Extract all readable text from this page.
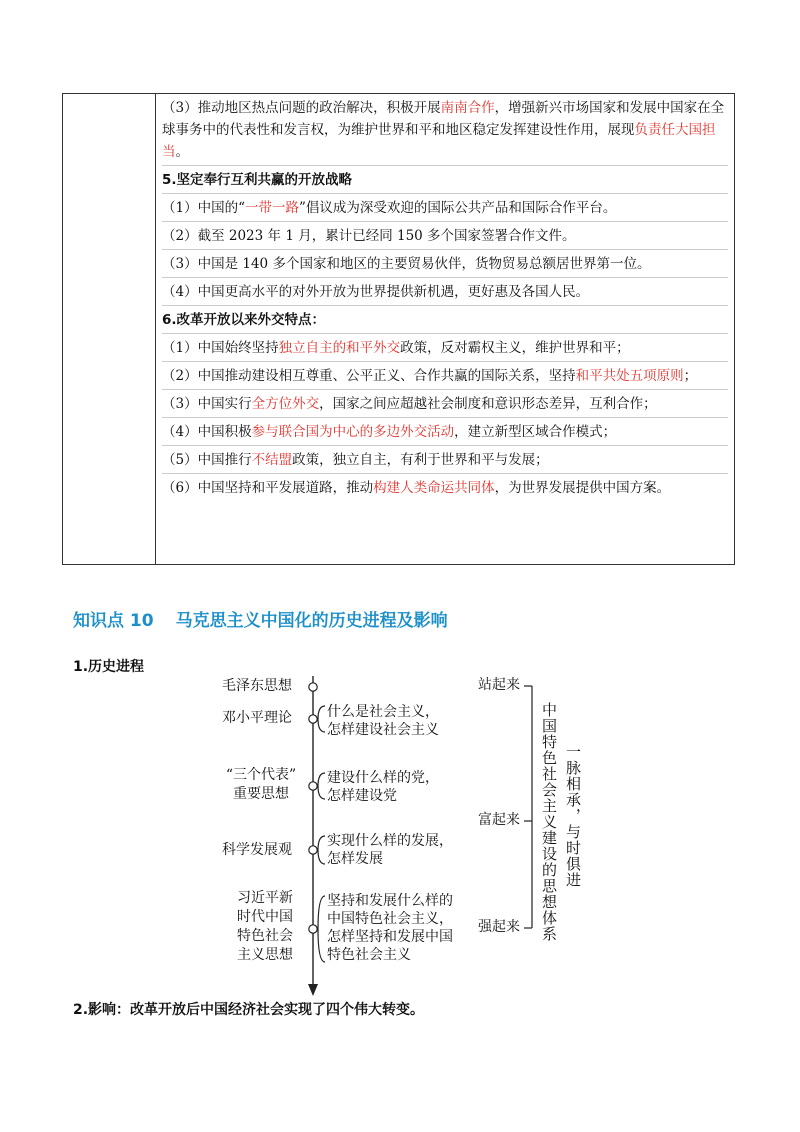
（3）推动地区热点问题的政治解决，积极开展南南合作，增强新兴市场国家和发展中国家在全球事务中的代表性和发言权，为维护世界和平和地区稳定发挥建设性作用，展现负责任大国担当。

5.坚定奉行互利共赢的开放战略

（1）中国的“一带一路”倡议成为深受欢迎的国际公共产品和国际合作平台。

（2）截至 2023 年 1 月，累计已经同 150 多个国家签署合作文件。

（3）中国是 140 多个国家和地区的主要贸易伙伴，货物贸易总额居世界第一位。

（4）中国更高水平的对外开放为世界提供新机遇，更好惠及各国人民。

6.改革开放以来外交特点：

（1）中国始终坚持独立自主的和平外交政策，反对霸权主义，维护世界和平；

（2）中国推动建设相互尊重、公平正义、合作共赢的国际关系，坚持和平共处五项原则；

（3）中国实行全方位外交，国家之间应超越社会制度和意识形态差异，互利合作；

（4）中国积极参与联合国为中心的多边外交活动，建立新型区域合作模式；

（5）中国推行不结盟政策，独立自主，有利于世界和平与发展；

（6）中国坚持和平发展道路，推动构建人类命运共同体，为世界发展提供中国方案。

知识点 10 马克思主义中国化的历史进程及影响
1.历史进程
毛泽东思想
邓小平理论
“三个代表”
重要思想
科学发展观
习近平新
时代中国
特色社会
主义思想
什么是社会主义，
怎样建设社会主义
建设什么样的党，
怎样建设党
实现什么样的发展，
怎样发展
坚持和发展什么样的
中国特色社会主义，
怎样坚持和发展中国
特色社会主义
站起来
富起来
强起来 中国特色社会主义建设的思想体系 一脉相承，与时俱进
2.影响：改革开放后中国经济社会实现了四个伟大转变。
